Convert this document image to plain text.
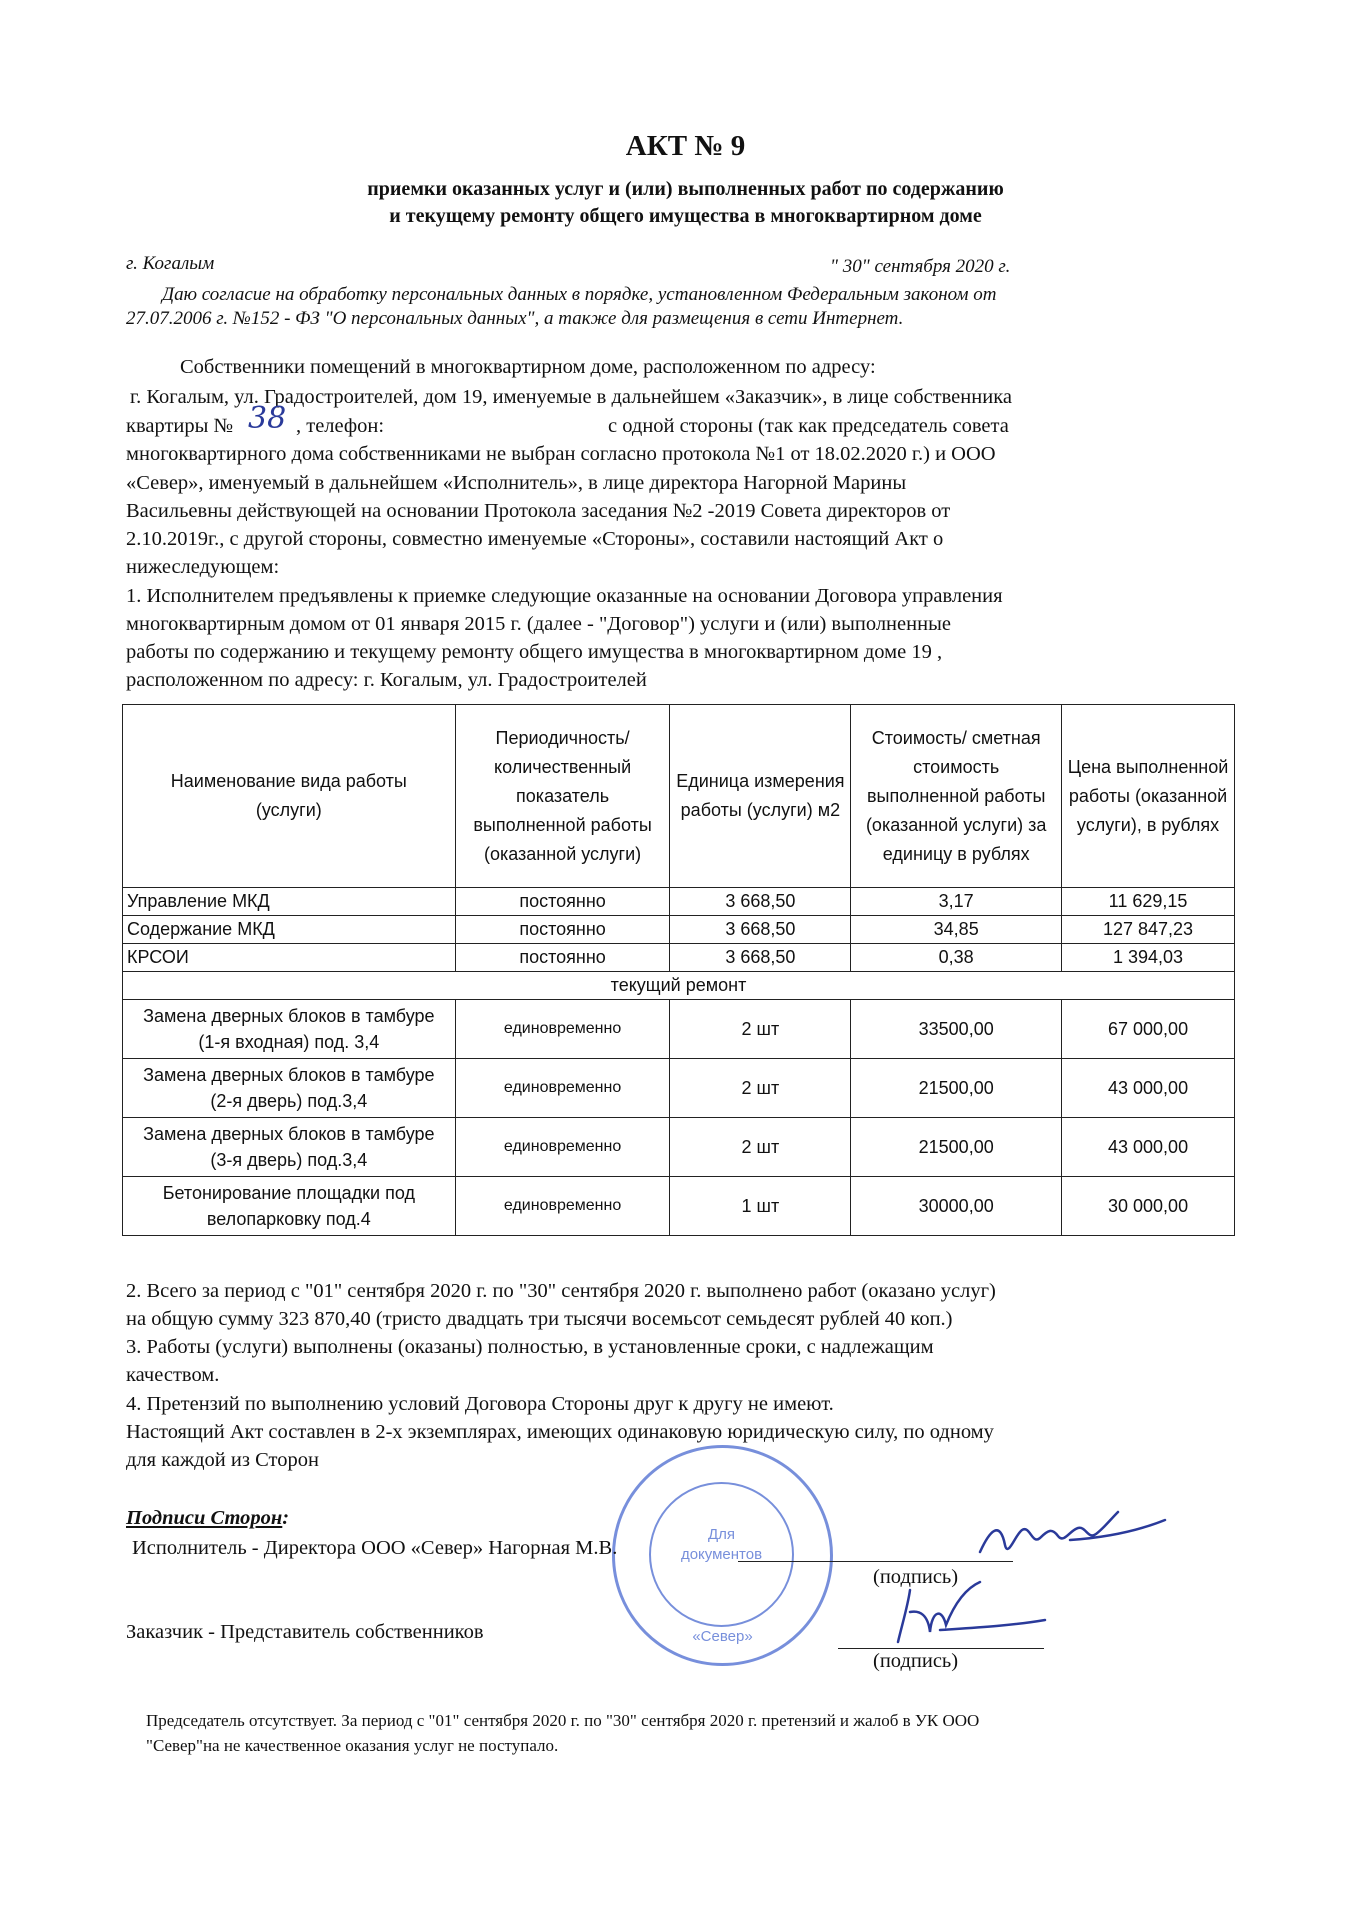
АКТ № 9
приемки оказанных услуг и (или) выполненных работ по содержанию
и текущему ремонту общего имущества в многоквартирном доме
г. Когалым	" 30" сентября 2020 г.
Даю согласие на обработку персональных данных в порядке, установленном Федеральным законом от
27.07.2006 г. №152 - ФЗ "О персональных данных", а также для размещения в сети Интернет.
Собственники помещений в многоквартирном доме, расположенном по адресу:
г. Когалым, ул. Градостроителей, дом 19, именуемые в дальнейшем «Заказчик», в лице собственника
квартиры № 38 , телефон:	с одной стороны (так как председатель совета
многоквартирного дома собственниками не выбран согласно протокола №1 от 18.02.2020 г.) и ООО
«Север», именуемый в дальнейшем «Исполнитель», в лице директора Нагорной Марины
Васильевны действующей на основании Протокола заседания №2 -2019 Совета директоров от
2.10.2019г., с другой стороны, совместно именуемые «Стороны», составили настоящий Акт о
нижеследующем:
1. Исполнителем предъявлены к приемке следующие оказанные на основании Договора управления
многоквартирным домом от 01 января 2015 г. (далее - "Договор") услуги и (или) выполненные
работы по содержанию и текущему ремонту общего имущества в многоквартирном доме 19 ,
расположенном по адресу: г. Когалым, ул. Градостроителей
Наименование вида работы (услуги)	Периодичность/ количественный показатель выполненной работы (оказанной услуги)	Единица измерения работы (услуги) м2	Стоимость/ сметная стоимость выполненной работы (оказанной услуги) за единицу в рублях	Цена выполненной работы (оказанной услуги), в рублях
Управление МКД	постоянно	3 668,50	3,17	11 629,15
Содержание МКД	постоянно	3 668,50	34,85	127 847,23
КРСОИ	постоянно	3 668,50	0,38	1 394,03
текущий ремонт				
Замена дверных блоков в тамбуре (1-я входная) под. 3,4	единовременно	2 шт	33500,00	67 000,00
Замена дверных блоков в тамбуре (2-я дверь) под.3,4	единовременно	2 шт	21500,00	43 000,00
Замена дверных блоков в тамбуре (3-я дверь) под.3,4	единовременно	2 шт	21500,00	43 000,00
Бетонирование площадки под велопарковку под.4	единовременно	1 шт	30000,00	30 000,00
2. Всего за период с "01" сентября 2020 г. по "30" сентября 2020 г. выполнено работ (оказано услуг)
на общую сумму 323 870,40 (тристо двадцать три тысячи восемьсот семьдесят рублей 40 коп.)
3. Работы (услуги) выполнены (оказаны) полностью, в установленные сроки, с надлежащим
качеством.
4. Претензий по выполнению условий Договора Стороны друг к другу не имеют.
Настоящий Акт составлен в 2-х экземплярах, имеющих одинаковую юридическую силу, по одному
для каждой из Сторон
Для
документов
«Север»
Подписи Сторон:
Исполнитель - Директора ООО «Север» Нагорная М.В.
(подпись)
Заказчик - Представитель собственников
(подпись)
Председатель отсутствует. За период с "01" сентября 2020 г. по "30" сентября 2020 г. претензий и жалоб в УК ООО
"Север"на не качественное оказания услуг не поступало.
